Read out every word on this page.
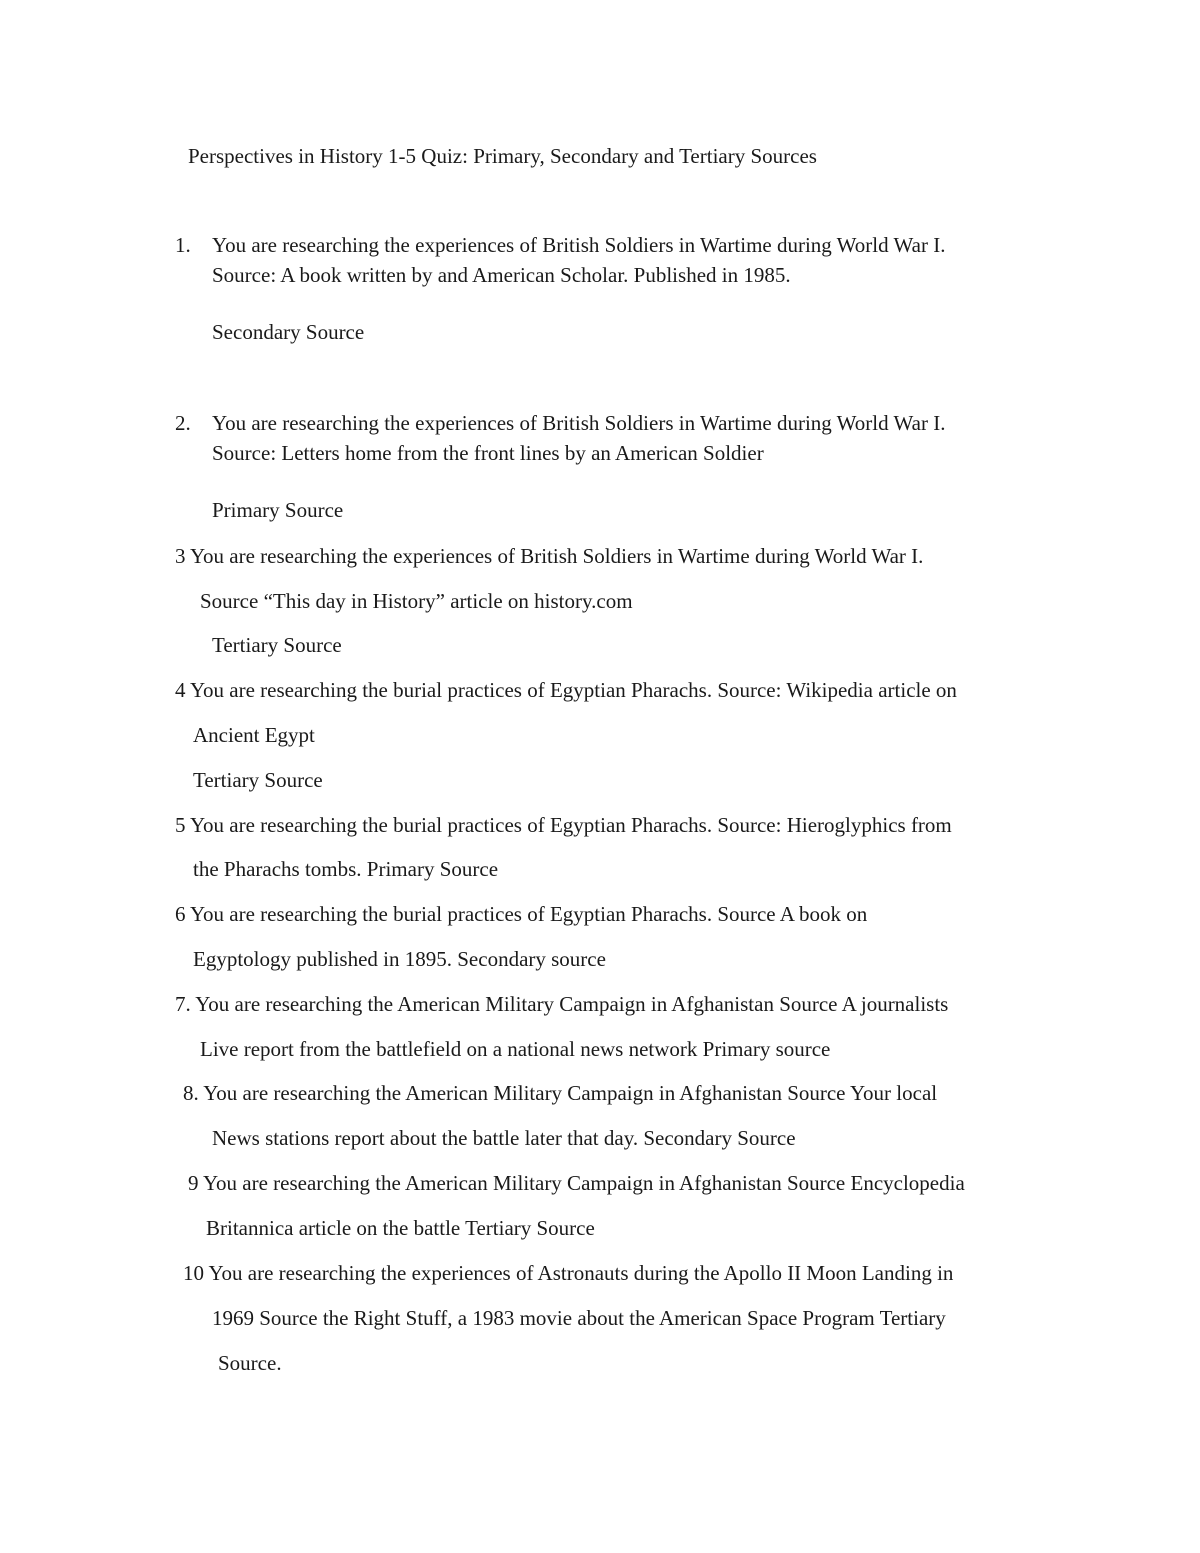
Perspectives in History 1-5 Quiz: Primary, Secondary and Tertiary Sources

1. You are researching the experiences of British Soldiers in Wartime during World War I.

Source: A book written by and American Scholar. Published in 1985.

Secondary Source

2. You are researching the experiences of British Soldiers in Wartime during World War I.

Source: Letters home from the front lines by an American Soldier

Primary Source

3 You are researching the experiences of British Soldiers in Wartime during World War I.

Source “This day in History” article on history.com

Tertiary Source

4 You are researching the burial practices of Egyptian Pharachs. Source: Wikipedia article on

Ancient Egypt

Tertiary Source

5 You are researching the burial practices of Egyptian Pharachs. Source: Hieroglyphics from

the Pharachs tombs. Primary Source

6 You are researching the burial practices of Egyptian Pharachs. Source A book on

Egyptology published in 1895. Secondary source

7. You are researching the American Military Campaign in Afghanistan Source A journalists

Live report from the battlefield on a national news network Primary source

8. You are researching the American Military Campaign in Afghanistan Source Your local

News stations report about the battle later that day. Secondary Source

9 You are researching the American Military Campaign in Afghanistan Source Encyclopedia

Britannica article on the battle Tertiary Source

10 You are researching the experiences of Astronauts during the Apollo II Moon Landing in

1969 Source the Right Stuff, a 1983 movie about the American Space Program Tertiary

Source.
